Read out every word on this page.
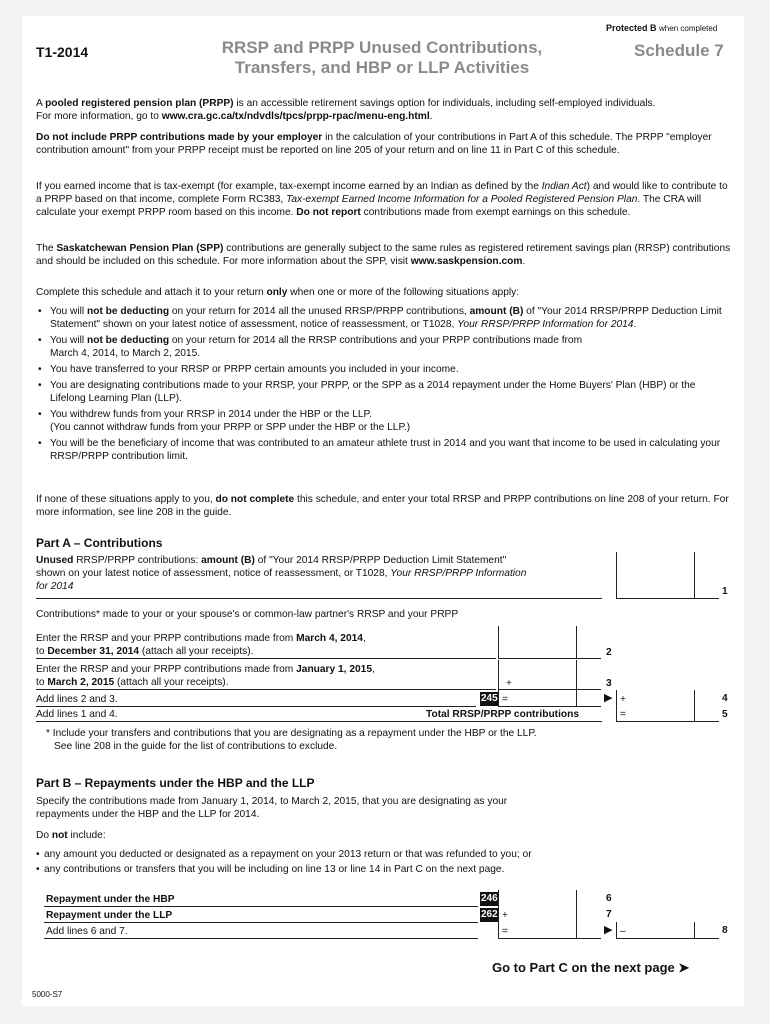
Protected B when completed
T1-2014	RRSP and PRPP Unused Contributions,
Transfers, and HBP or LLP Activities
Schedule 7
A pooled registered pension plan (PRPP) is an accessible retirement savings option for individuals, including self-employed individuals.
For more information, go to www.cra.gc.ca/tx/ndvdls/tpcs/prpp-rpac/menu-eng.html.
Do not include PRPP contributions made by your employer in the calculation of your contributions in Part A of this schedule. The PRPP "employer contribution amount" from your PRPP receipt must be reported on line 205 of your return and on line 11 in Part C of this schedule.
If you earned income that is tax-exempt (for example, tax-exempt income earned by an Indian as defined by the Indian Act) and would like to contribute to a PRPP based on that income, complete Form RC383, Tax-exempt Earned Income Information for a Pooled Registered Pension Plan. The CRA will calculate your exempt PRPP room based on this income. Do not report contributions made from exempt earnings on this schedule.
The Saskatchewan Pension Plan (SPP) contributions are generally subject to the same rules as registered retirement savings plan (RRSP) contributions and should be included on this schedule. For more information about the SPP, visit www.saskpension.com.
Complete this schedule and attach it to your return only when one or more of the following situations apply:
• You will not be deducting on your return for 2014 all the unused RRSP/PRPP contributions, amount (B) of "Your 2014 RRSP/PRPP Deduction Limit Statement" shown on your latest notice of assessment, notice of reassessment, or T1028, Your RRSP/PRPP Information for 2014.
• You will not be deducting on your return for 2014 all the RRSP contributions and your PRPP contributions made from
March 4, 2014, to March 2, 2015.
• You have transferred to your RRSP or PRPP certain amounts you included in your income.
• You are designating contributions made to your RRSP, your PRPP, or the SPP as a 2014 repayment under the Home Buyers' Plan (HBP) or the Lifelong Learning Plan (LLP).
• You withdrew funds from your RRSP in 2014 under the HBP or the LLP.
(You cannot withdraw funds from your PRPP or SPP under the HBP or the LLP.)
• You will be the beneficiary of income that was contributed to an amateur athlete trust in 2014 and you want that income to be used in calculating your RRSP/PRPP contribution limit.
If none of these situations apply to you, do not complete this schedule, and enter your total RRSP and PRPP contributions on line 208 of your return. For more information, see line 208 in the guide.
Part A – Contributions
Unused RRSP/PRPP contributions: amount (B) of "Your 2014 RRSP/PRPP Deduction Limit Statement"
shown on your latest notice of assessment, notice of reassessment, or T1028, Your RRSP/PRPP Information
for 2014	1
Contributions* made to your or your spouse's or common-law partner's RRSP and your PRPP
Enter the RRSP and your PRPP contributions made from March 4, 2014,
to December 31, 2014 (attach all your receipts).	2
Enter the RRSP and your PRPP contributions made from January 1, 2015,
to March 2, 2015 (attach all your receipts).	+	3
Add lines 2 and 3.	245 =	▶ +	4
Add lines 1 and 4.	Total RRSP/PRPP contributions	=	5
* Include your transfers and contributions that you are designating as a repayment under the HBP or the LLP.
See line 208 in the guide for the list of contributions to exclude.
Part B – Repayments under the HBP and the LLP
Specify the contributions made from January 1, 2014, to March 2, 2015, that you are designating as your
repayments under the HBP and the LLP for 2014.
Do not include:
• any amount you deducted or designated as a repayment on your 2013 return or that was refunded to you; or
• any contributions or transfers that you will be including on line 13 or line 14 in Part C on the next page.
Repayment under the HBP	246	6
Repayment under the LLP	262 +	7
Add lines 6 and 7.	=	▶ –	8
Go to Part C on the next page ➤
5000-S7
